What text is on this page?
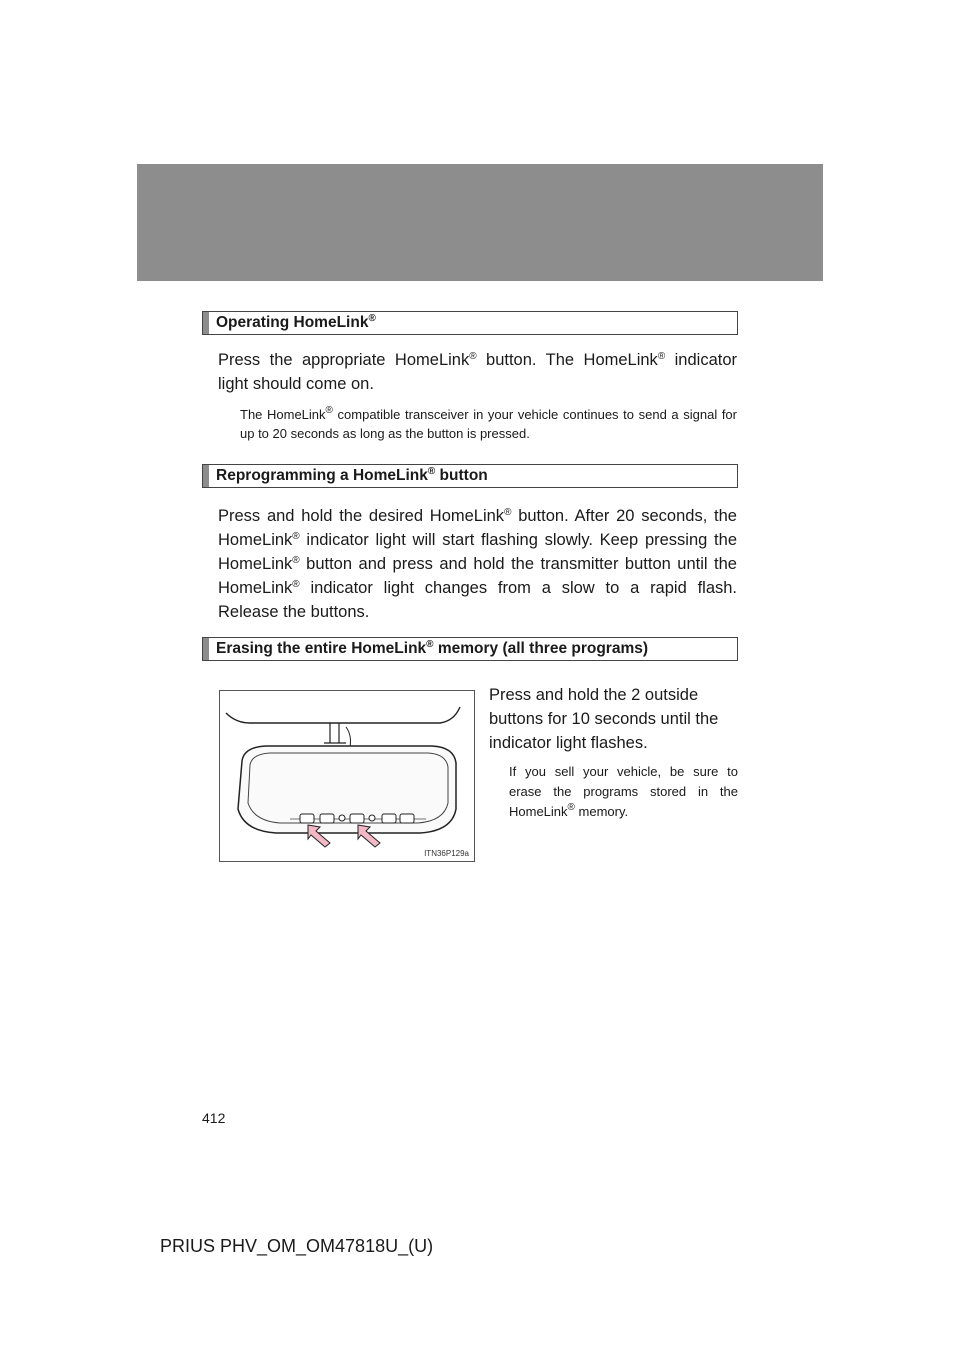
3-5. Other interior features
Operating HomeLink®
Press the appropriate HomeLink® button. The HomeLink® indicator light should come on.
The HomeLink® compatible transceiver in your vehicle continues to send a signal for up to 20 seconds as long as the button is pressed.
Reprogramming a HomeLink® button
Press and hold the desired HomeLink® button. After 20 seconds, the HomeLink® indicator light will start flashing slowly. Keep pressing the HomeLink® button and press and hold the transmitter button until the HomeLink® indicator light changes from a slow to a rapid flash. Release the buttons.
Erasing the entire HomeLink® memory (all three programs)
ITN36P129a
Press and hold the 2 outside buttons for 10 seconds until the indicator light flashes.
If you sell your vehicle, be sure to erase the programs stored in the HomeLink® memory.
412
PRIUS PHV_OM_OM47818U_(U)
